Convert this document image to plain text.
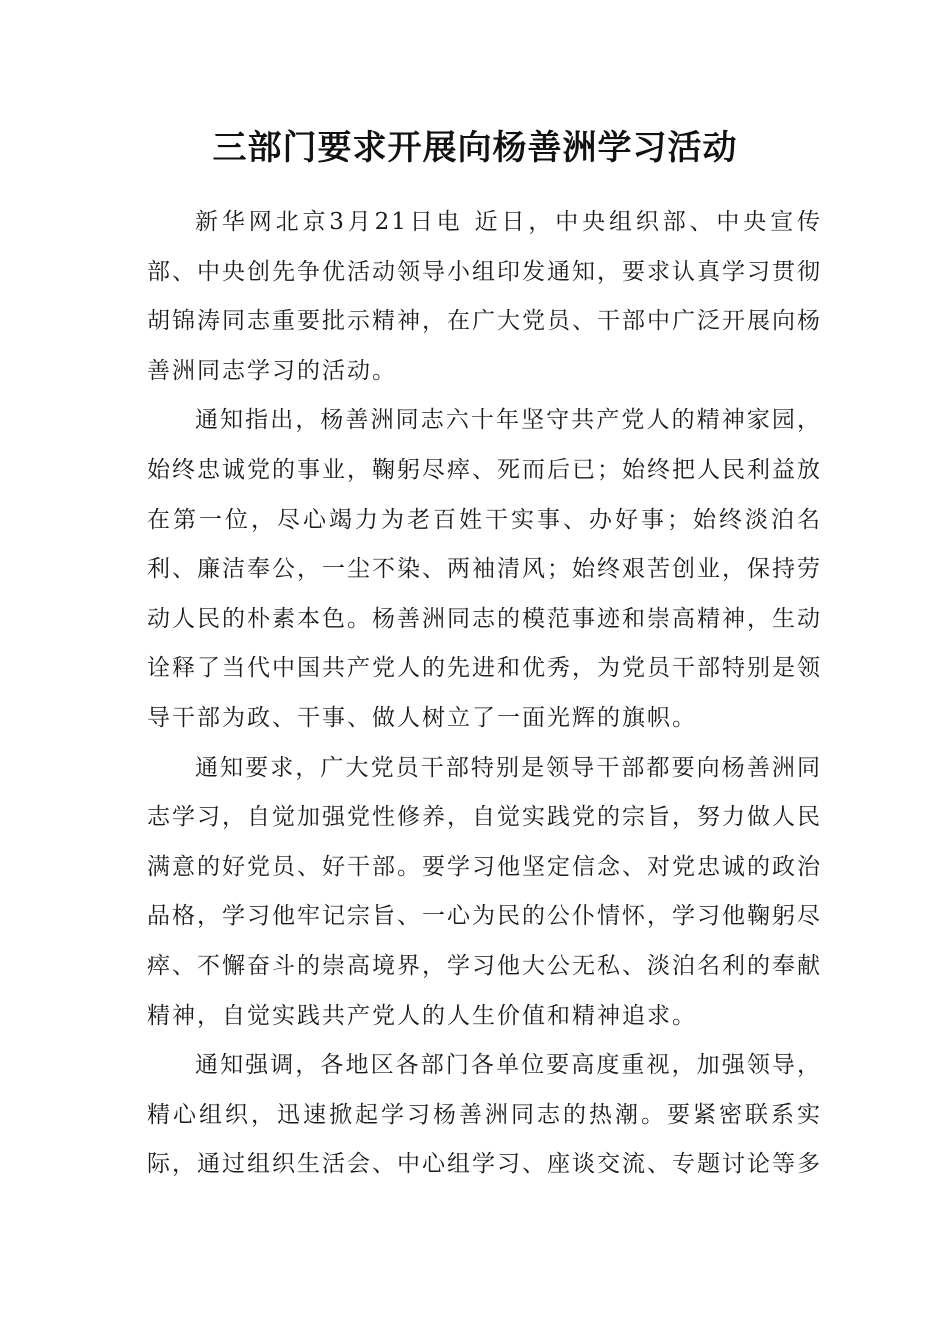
三部门要求开展向杨善洲学习活动

新华网北京3月21日电 近日，中央组织部、中央宣传部、中央创先争优活动领导小组印发通知，要求认真学习贯彻胡锦涛同志重要批示精神，在广大党员、干部中广泛开展向杨善洲同志学习的活动。

通知指出，杨善洲同志六十年坚守共产党人的精神家园，始终忠诚党的事业，鞠躬尽瘁、死而后已；始终把人民利益放在第一位，尽心竭力为老百姓干实事、办好事；始终淡泊名利、廉洁奉公，一尘不染、两袖清风；始终艰苦创业，保持劳动人民的朴素本色。杨善洲同志的模范事迹和崇高精神，生动诠释了当代中国共产党人的先进和优秀，为党员干部特别是领导干部为政、干事、做人树立了一面光辉的旗帜。

通知要求，广大党员干部特别是领导干部都要向杨善洲同志学习，自觉加强党性修养，自觉实践党的宗旨，努力做人民满意的好党员、好干部。要学习他坚定信念、对党忠诚的政治品格，学习他牢记宗旨、一心为民的公仆情怀，学习他鞠躬尽瘁、不懈奋斗的崇高境界，学习他大公无私、淡泊名利的奉献精神，自觉实践共产党人的人生价值和精神追求。

通知强调，各地区各部门各单位要高度重视，加强领导，精心组织，迅速掀起学习杨善洲同志的热潮。要紧密联系实际，通过组织生活会、中心组学习、座谈交流、专题讨论等多
